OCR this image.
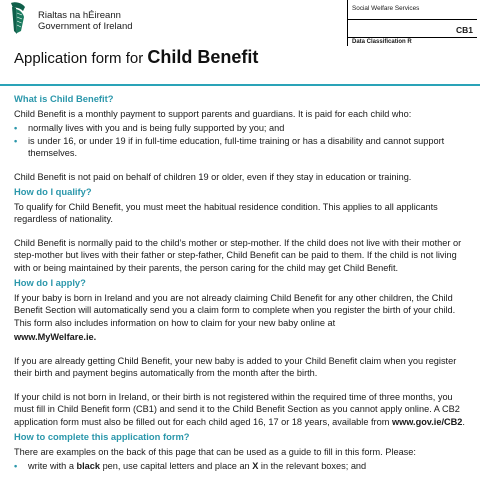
Rialtas na hÉireann
Government of Ireland
Social Welfare Services
CB1
Data Classification R
Application form for Child Benefit
What is Child Benefit?

Child Benefit is a monthly payment to support parents and guardians. It is paid for each child who:

• normally lives with you and is being fully supported by you; and
• is under 16, or under 19 if in full-time education, full-time training or has a disability and cannot support themselves.

Child Benefit is not paid on behalf of children 19 or older, even if they stay in education or training.

How do I qualify?

To qualify for Child Benefit, you must meet the habitual residence condition. This applies to all applicants regardless of nationality.

Child Benefit is normally paid to the child’s mother or step-mother. If the child does not live with their mother or step-mother but lives with their father or step-father, Child Benefit can be paid to them. If the child is not living with or being maintained by their parents, the person caring for the child may get Child Benefit.

How do I apply?

If your baby is born in Ireland and you are not already claiming Child Benefit for any other children, the Child Benefit Section will automatically send you a claim form to complete when you register the birth of your child. This form also includes information on how to claim for your new baby online at

www.MyWelfare.ie.

If you are already getting Child Benefit, your new baby is added to your Child Benefit claim when you register their birth and payment begins automatically from the month after the birth.

If your child is not born in Ireland, or their birth is not registered within the required time of three months, you must fill in Child Benefit form (CB1) and send it to the Child Benefit Section as you cannot apply online. A CB2 application form must also be filled out for each child aged 16, 17 or 18 years, available from www.gov.ie/CB2.

How to complete this application form?

There are examples on the back of this page that can be used as a guide to fill in this form. Please:

• write with a black pen, use capital letters and place an X in the relevant boxes; and
